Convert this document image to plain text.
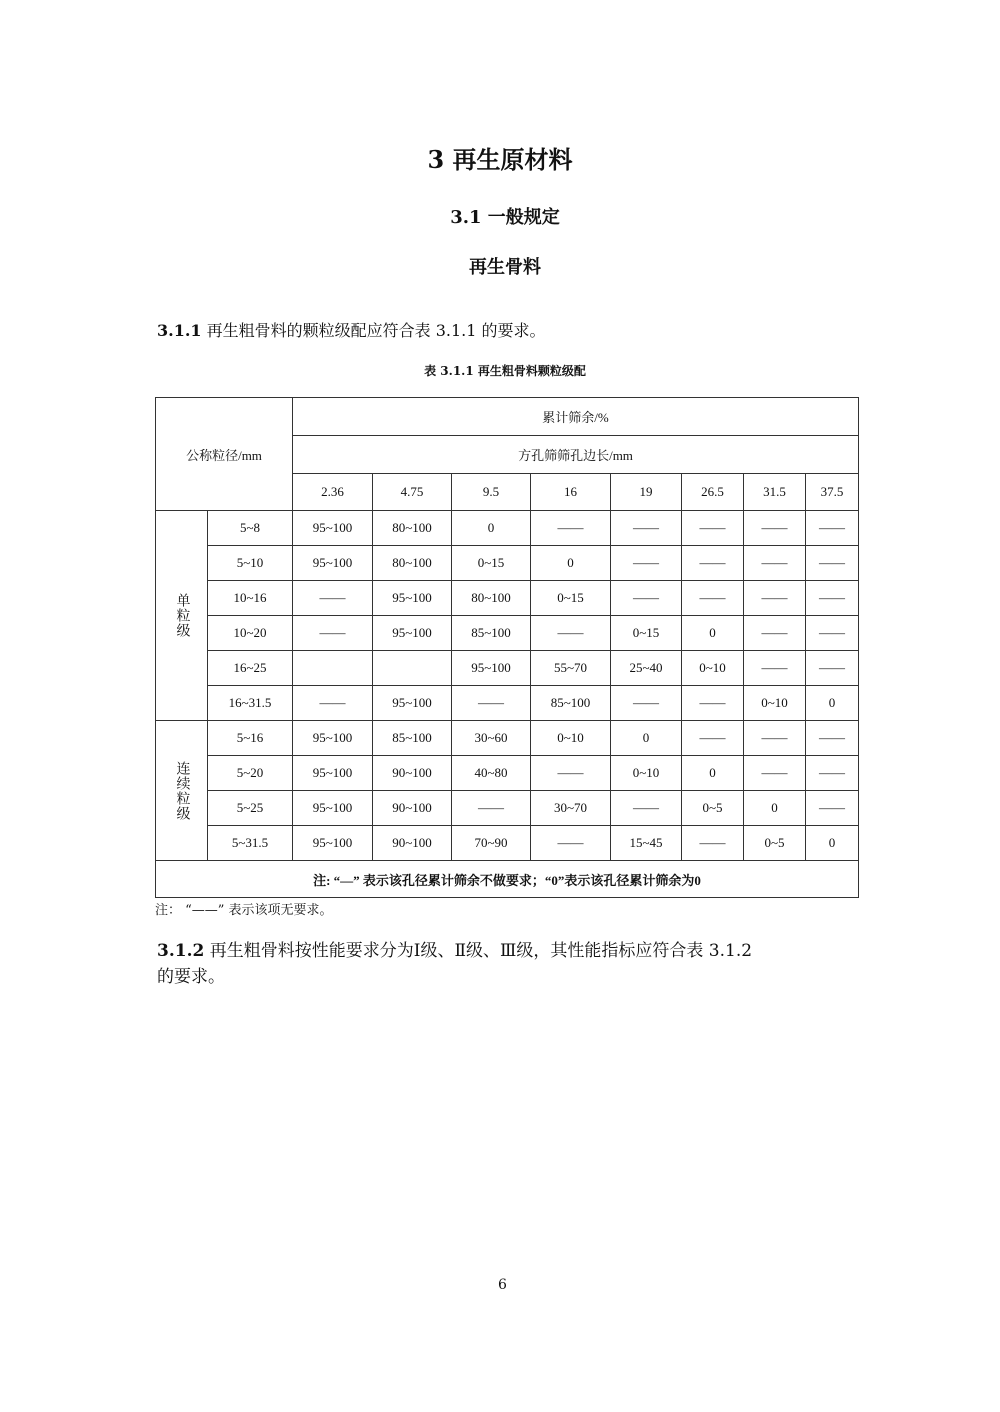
3 再生原材料
3.1 一般规定
再生骨料
3.1.1 再生粗骨料的颗粒级配应符合表 3.1.1 的要求。
表 3.1.1 再生粗骨料颗粒级配
公称粒径/mm		累计筛余/%							
		方孔筛筛孔边长/mm							
		2.36	4.75	9.5	16	19	26.5	31.5	37.5
单粒级	5~8	95~100	80~100	0	——	——	——	——	——
	5~10	95~100	80~100	0~15	0	——	——	——	——
	10~16	——	95~100	80~100	0~15	——	——	——	——
	10~20	——	95~100	85~100	——	0~15	0	——	——
	16~25			95~100	55~70	25~40	0~10	——	——
	16~31.5	——	95~100	——	85~100	——	——	0~10	0
连续粒级	5~16	95~100	85~100	30~60	0~10	0	——	——	——
	5~20	95~100	90~100	40~80	——	0~10	0	——	——
	5~25	95~100	90~100	——	30~70	——	0~5	0	——
	5~31.5	95~100	90~100	70~90	——	15~45	——	0~5	0
注: “—” 表示该孔径累计筛余不做要求；“0”表示该孔径累计筛余为0									
注： “——” 表示该项无要求。
3.1.2 再生粗骨料按性能要求分为Ⅰ级、Ⅱ级、Ⅲ级，其性能指标应符合表 3.1.2
的要求。
6
